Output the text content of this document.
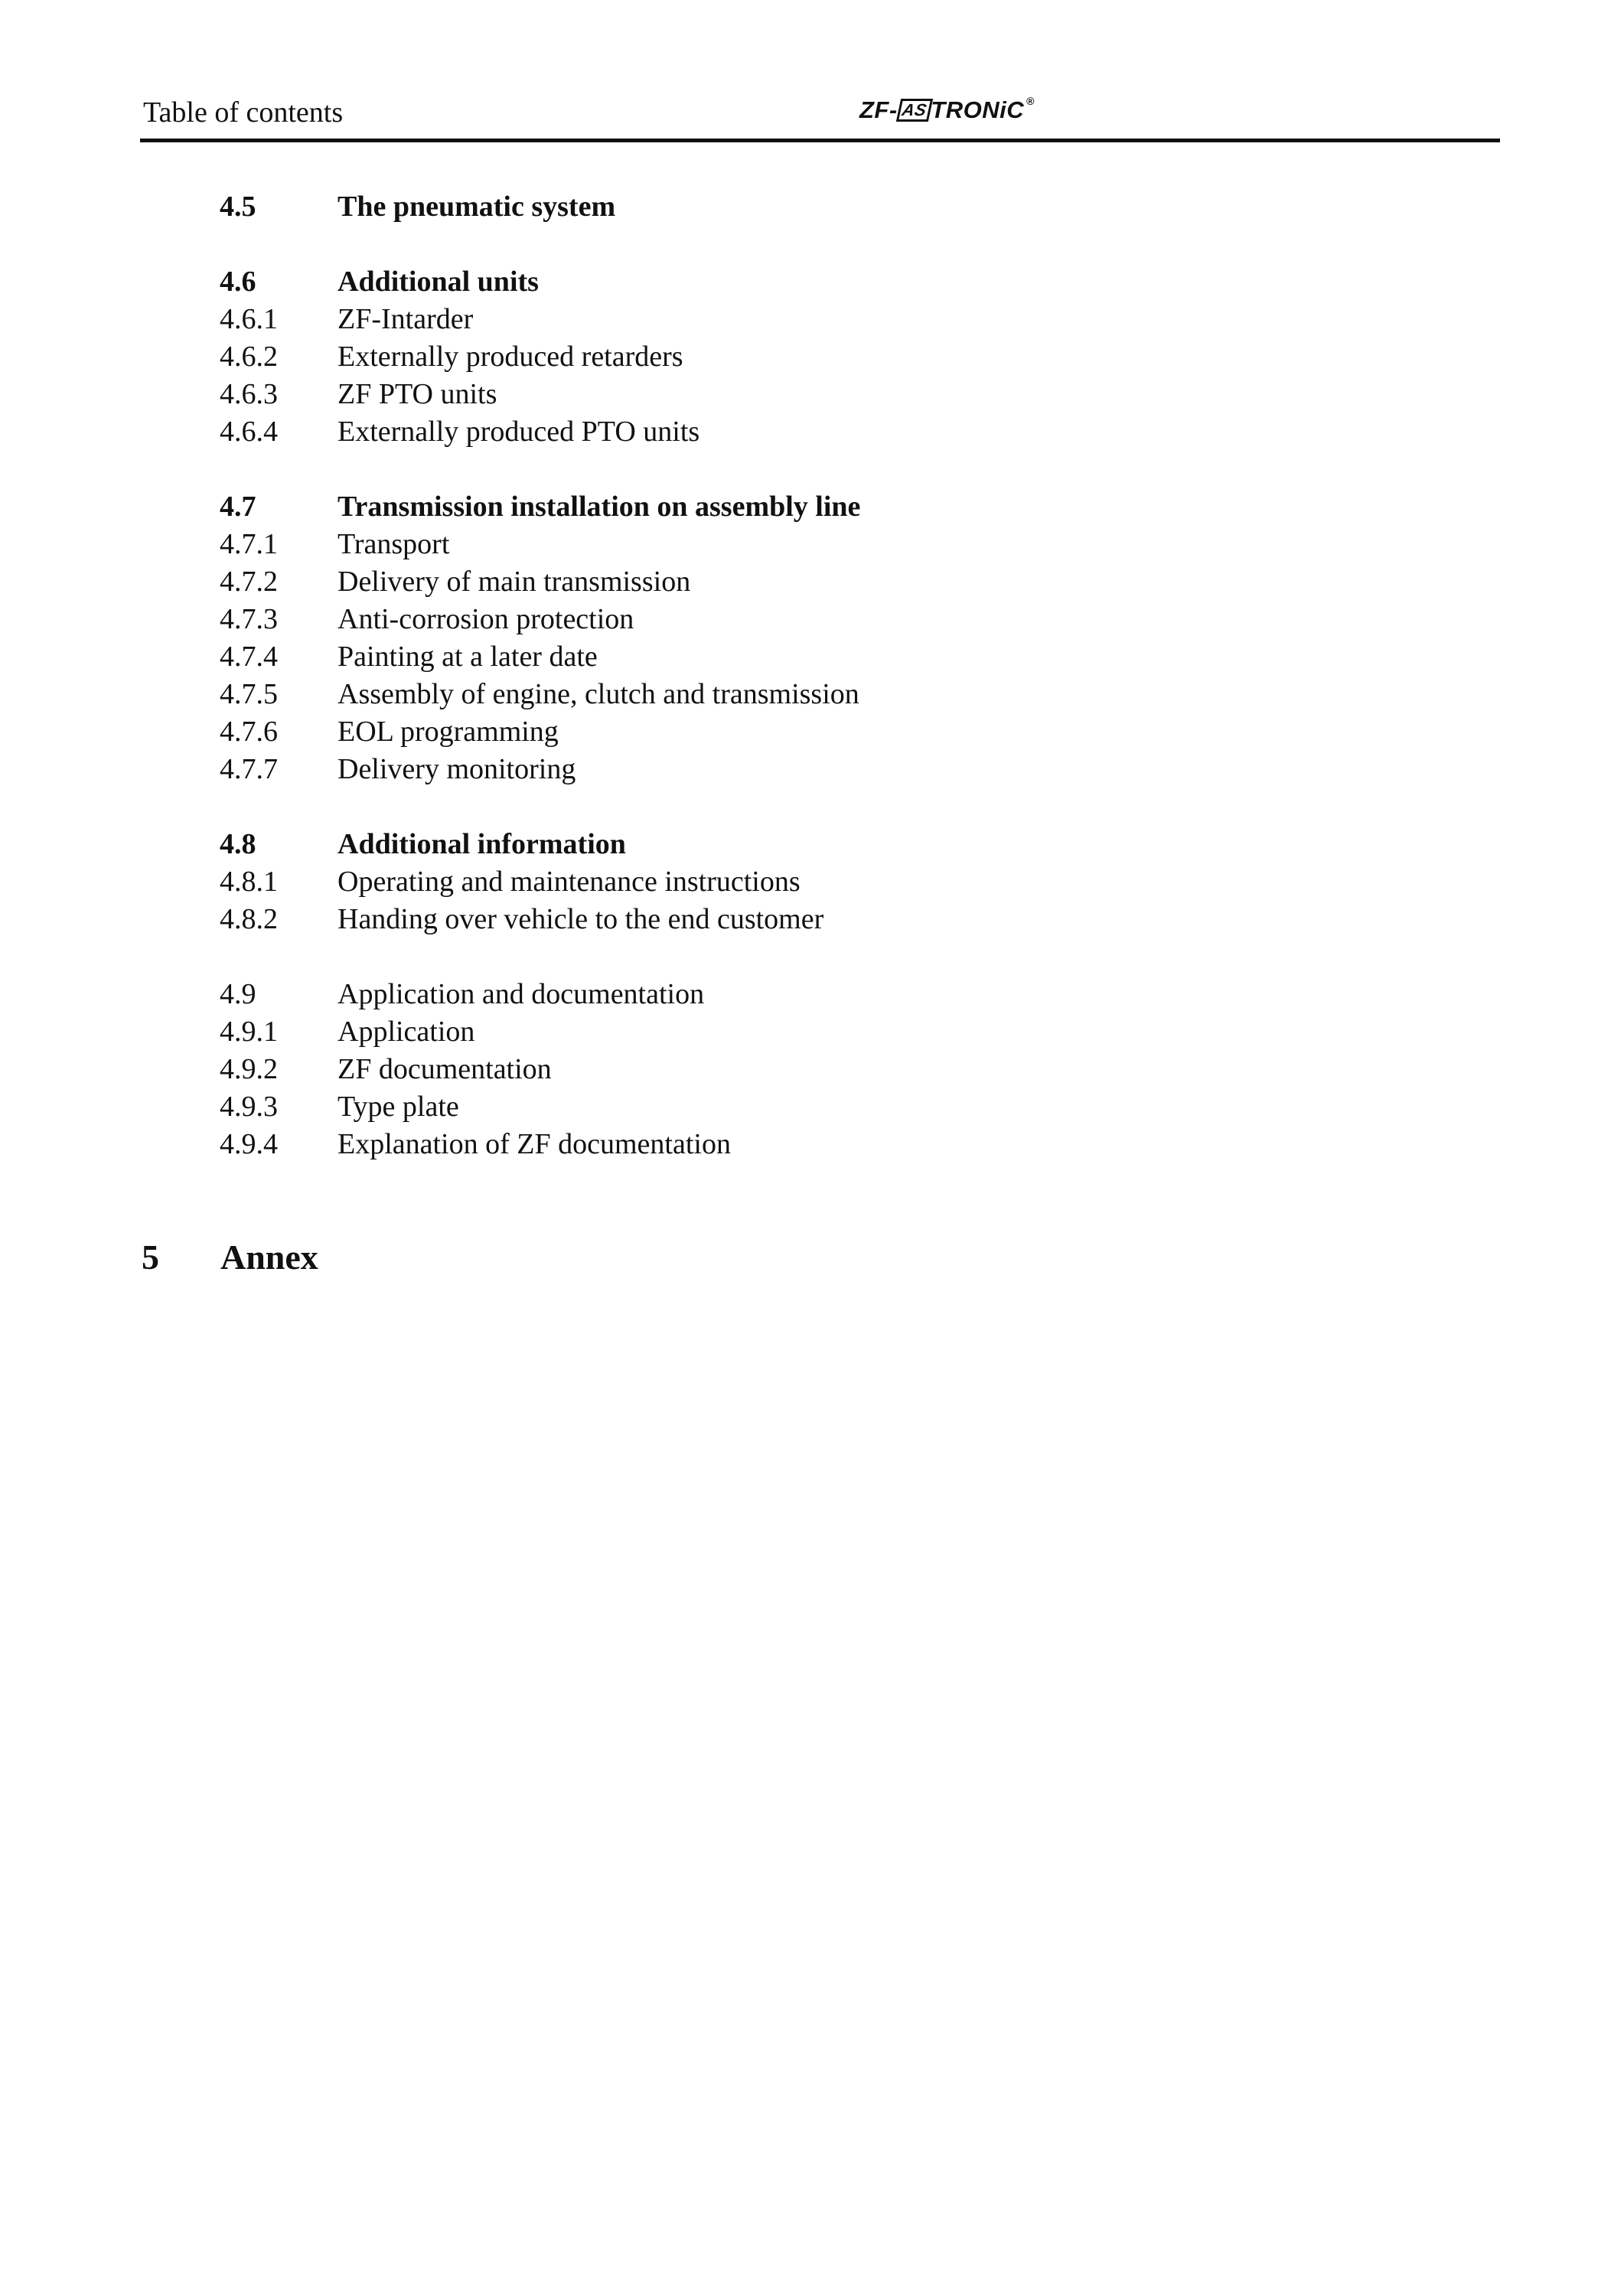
Table of contents	ZF- AS TRONiC ®
4.5	The pneumatic system
4.6	Additional units
4.6.1	ZF-Intarder
4.6.2	Externally produced retarders
4.6.3	ZF PTO units
4.6.4	Externally produced PTO units
4.7	Transmission installation on assembly line
4.7.1	Transport
4.7.2	Delivery of main transmission
4.7.3	Anti-corrosion protection
4.7.4	Painting at a later date
4.7.5	Assembly of engine, clutch and transmission
4.7.6	EOL programming
4.7.7	Delivery monitoring
4.8	Additional information
4.8.1	Operating and maintenance instructions
4.8.2	Handing over vehicle to the end customer
4.9	Application and documentation
4.9.1	Application
4.9.2	ZF documentation
4.9.3	Type plate
4.9.4	Explanation of ZF documentation
5	Annex
